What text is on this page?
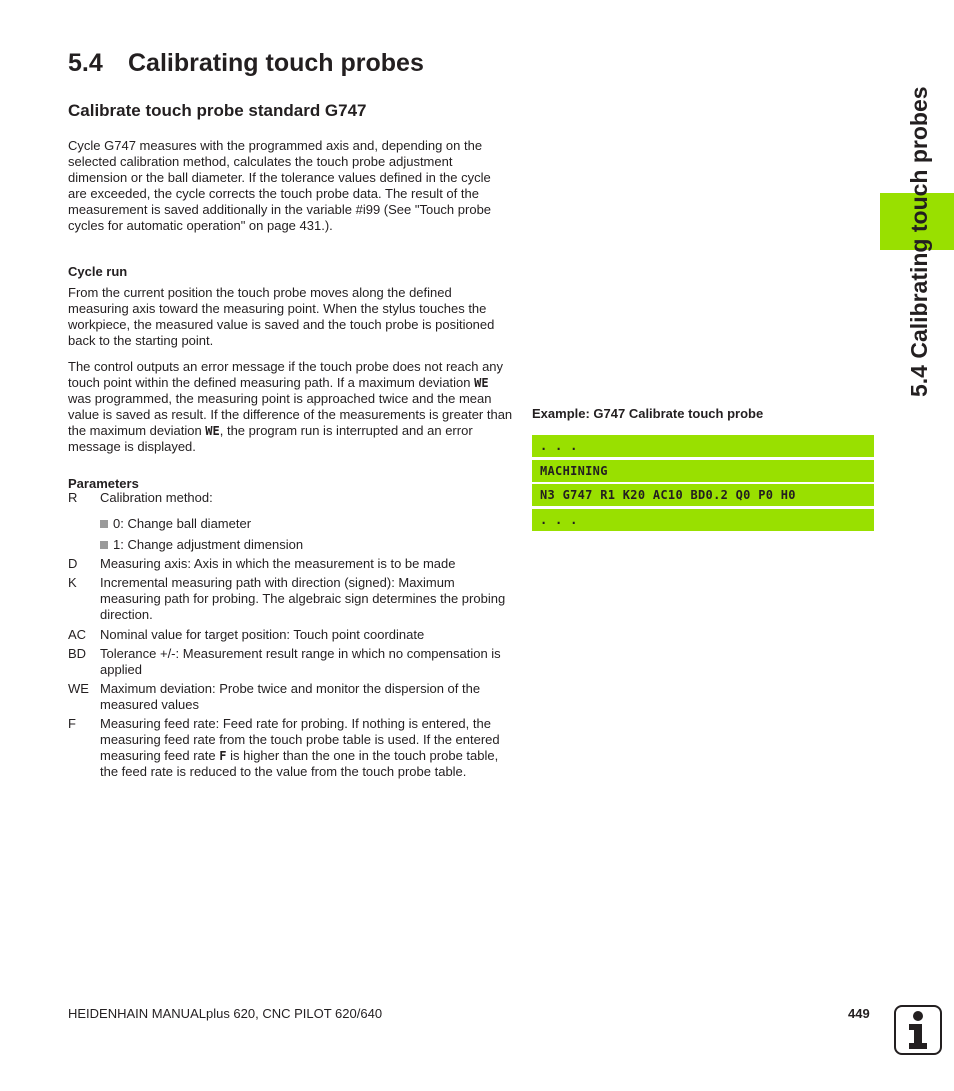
5.4 Calibrating touch probes
Calibrate touch probe standard G747
Cycle G747 measures with the programmed axis and, depending on the selected calibration method, calculates the touch probe adjustment dimension or the ball diameter. If the tolerance values defined in the cycle are exceeded, the cycle corrects the touch probe data. The result of the measurement is saved additionally in the variable #i99 (See "Touch probe cycles for automatic operation" on page 431.).
Cycle run
From the current position the touch probe moves along the defined measuring axis toward the measuring point. When the stylus touches the workpiece, the measured value is saved and the touch probe is positioned back to the starting point.
The control outputs an error message if the touch probe does not reach any touch point within the defined measuring path. If a maximum deviation WE was programmed, the measuring point is approached twice and the mean value is saved as result. If the difference of the measurements is greater than the maximum deviation WE, the program run is interrupted and an error message is displayed.
Parameters
R	Calibration method:
0: Change ball diameter
1: Change adjustment dimension
D	Measuring axis: Axis in which the measurement is to be made
K	Incremental measuring path with direction (signed): Maximum measuring path for probing. The algebraic sign determines the probing direction.
AC	Nominal value for target position: Touch point coordinate
BD	Tolerance +/-: Measurement result range in which no compensation is applied
WE Maximum deviation: Probe twice and monitor the dispersion of the measured values
F	Measuring feed rate: Feed rate for probing. If nothing is entered, the measuring feed rate from the touch probe table is used. If the entered measuring feed rate F is higher than the one in the touch probe table, the feed rate is reduced to the value from the touch probe table.
Example: G747 Calibrate touch probe
. . .
MACHINING
N3 G747 R1 K20 AC10 BD0.2 Q0 P0 H0
. . .
5.4 Calibrating touch probes
HEIDENHAIN MANUALplus 620, CNC PILOT 620/640	449
